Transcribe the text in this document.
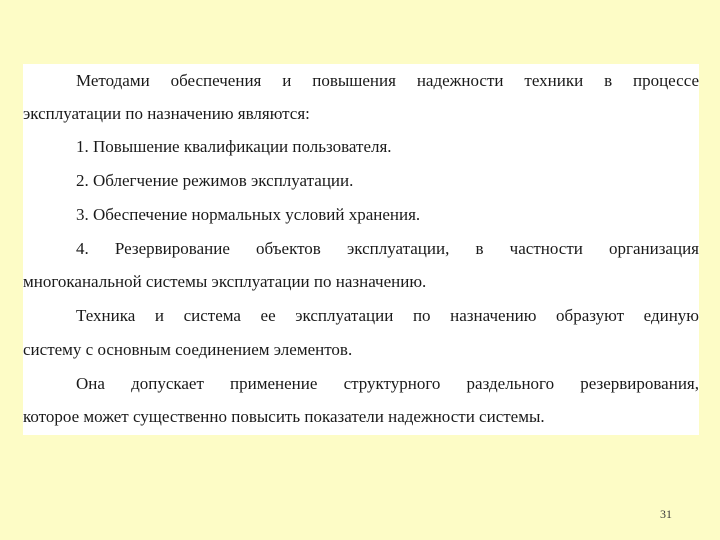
Методами обеспечения и повышения надежности техники в процессе
эксплуатации по назначению являются:
1. Повышение квалификации пользователя.
2. Облегчение режимов эксплуатации.
3. Обеспечение нормальных условий хранения.
4. Резервирование объектов эксплуатации, в частности организация
многоканальной системы эксплуатации по назначению.
Техника и система ее эксплуатации по назначению образуют единую
систему с основным соединением элементов.
Она допускает применение структурного раздельного резервирования,
которое может существенно повысить показатели надежности системы.
31
